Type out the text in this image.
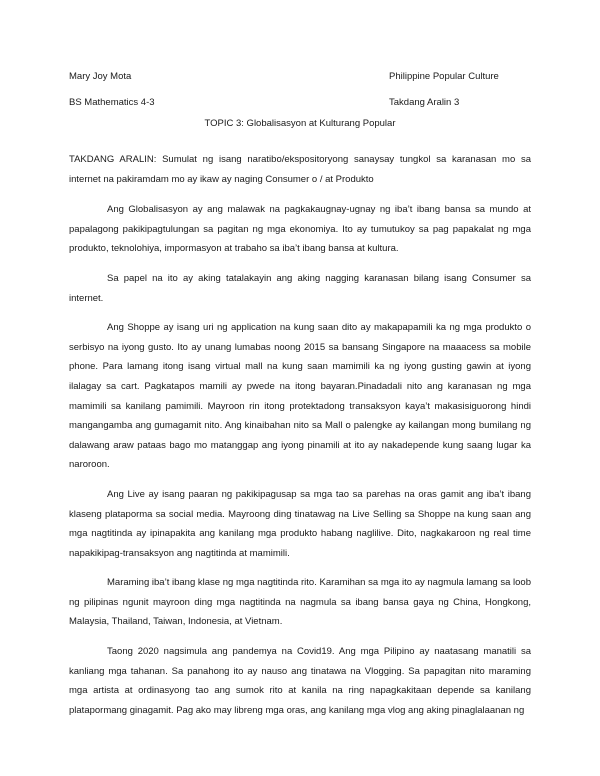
Mary Joy Mota
BS Mathematics 4-3
Philippine Popular Culture
Takdang Aralin 3
TOPIC 3: Globalisasyon at Kulturang Popular

TAKDANG ARALIN: Sumulat ng isang naratibo/ekspositoryong sanaysay tungkol sa karanasan mo sa internet na pakiramdam mo ay ikaw ay naging Consumer o / at Produkto

Ang Globalisasyon ay ang malawak na pagkakaugnay-ugnay ng iba’t ibang bansa sa mundo at papalagong pakikipagtulungan sa pagitan ng mga ekonomiya. Ito ay tumutukoy sa pag papakalat ng mga produkto, teknolohiya, impormasyon at trabaho sa iba’t ibang bansa at kultura.

Sa papel na ito ay aking tatalakayin ang aking nagging karanasan bilang isang Consumer sa internet.

Ang Shoppe ay isang uri ng application na kung saan dito ay makapapamili ka ng mga produkto o serbisyo na iyong gusto. Ito ay unang lumabas noong 2015 sa bansang Singapore na maaacess sa mobile phone. Para lamang itong isang virtual mall na kung saan mamimili ka ng iyong gusting gawin at iyong ilalagay sa cart. Pagkatapos mamili ay pwede na itong bayaran.Pinadadali nito ang karanasan ng mga mamimili sa kanilang pamimili. Mayroon rin itong protektadong transaksyon kaya’t makasisiguorong hindi mangangamba ang gumagamit nito. Ang kinaibahan nito sa Mall o palengke ay kailangan mong bumilang ng dalawang araw pataas bago mo matanggap ang iyong pinamili at ito ay nakadepende kung saang lugar ka naroroon.

Ang Live ay isang paaran ng pakikipagusap sa mga tao sa parehas na oras gamit ang iba’t ibang klaseng plataporma sa social media. Mayroong ding tinatawag na Live Selling sa Shoppe na kung saan ang mga nagtitinda ay ipinapakita ang kanilang mga produkto habang naglilive. Dito, nagkakaroon ng real time napakikipag-transaksyon ang nagtitinda at mamimili.

Maraming iba’t ibang klase ng mga nagtitinda rito. Karamihan sa mga ito ay nagmula lamang sa loob ng pilipinas ngunit mayroon ding mga nagtitinda na nagmula sa ibang bansa gaya ng China, Hongkong, Malaysia, Thailand, Taiwan, Indonesia, at Vietnam.

Taong 2020 nagsimula ang pandemya na Covid19. Ang mga Pilipino ay naatasang manatili sa kanliang mga tahanan. Sa panahong ito ay nauso ang tinatawa na Vlogging. Sa papagitan nito maraming mga artista at ordinasyong tao ang sumok rito at kanila na ring napagkakitaan depende sa kanilang platapormang ginagamit. Pag ako may libreng mga oras, ang kanilang mga vlog ang aking pinaglalaanan ng
